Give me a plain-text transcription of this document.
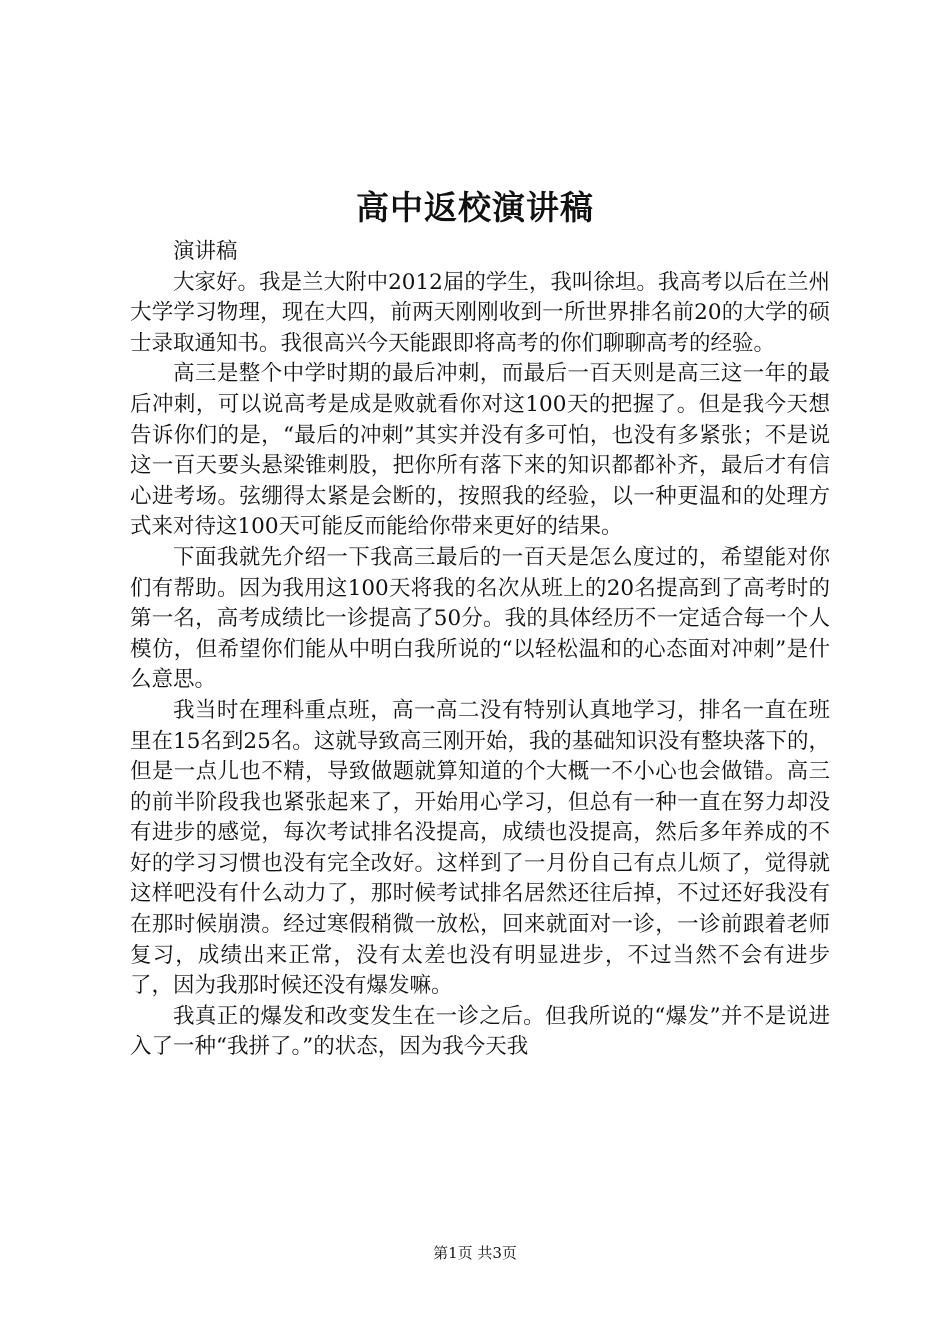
高中返校演讲稿

演讲稿

大家好。我是兰大附中2012届的学生，我叫徐坦。我高考以后在兰州大学学习物理，现在大四，前两天刚刚收到一所世界排名前20的大学的硕士录取通知书。我很高兴今天能跟即将高考的你们聊聊高考的经验。

高三是整个中学时期的最后冲刺，而最后一百天则是高三这一年的最后冲刺，可以说高考是成是败就看你对这100天的把握了。但是我今天想告诉你们的是，“最后的冲刺”其实并没有多可怕，也没有多紧张；不是说这一百天要头悬梁锥刺股，把你所有落下来的知识都都补齐，最后才有信心进考场。弦绷得太紧是会断的，按照我的经验，以一种更温和的处理方式来对待这100天可能反而能给你带来更好的结果。

下面我就先介绍一下我高三最后的一百天是怎么度过的，希望能对你们有帮助。因为我用这100天将我的名次从班上的20名提高到了高考时的第一名，高考成绩比一诊提高了50分。我的具体经历不一定适合每一个人模仿，但希望你们能从中明白我所说的“以轻松温和的心态面对冲刺”是什么意思。

我当时在理科重点班，高一高二没有特别认真地学习，排名一直在班里在15名到25名。这就导致高三刚开始，我的基础知识没有整块落下的，但是一点儿也不精，导致做题就算知道的个大概一不小心也会做错。高三的前半阶段我也紧张起来了，开始用心学习，但总有一种一直在努力却没有进步的感觉，每次考试排名没提高，成绩也没提高，然后多年养成的不好的学习习惯也没有完全改好。这样到了一月份自己有点儿烦了，觉得就这样吧没有什么动力了，那时候考试排名居然还往后掉，不过还好我没有在那时候崩溃。经过寒假稍微一放松，回来就面对一诊，一诊前跟着老师复习，成绩出来正常，没有太差也没有明显进步，不过当然不会有进步了，因为我那时候还没有爆发嘛。

我真正的爆发和改变发生在一诊之后。但我所说的“爆发”并不是说进入了一种“我拼了。”的状态，因为我今天我

第1页 共3页
